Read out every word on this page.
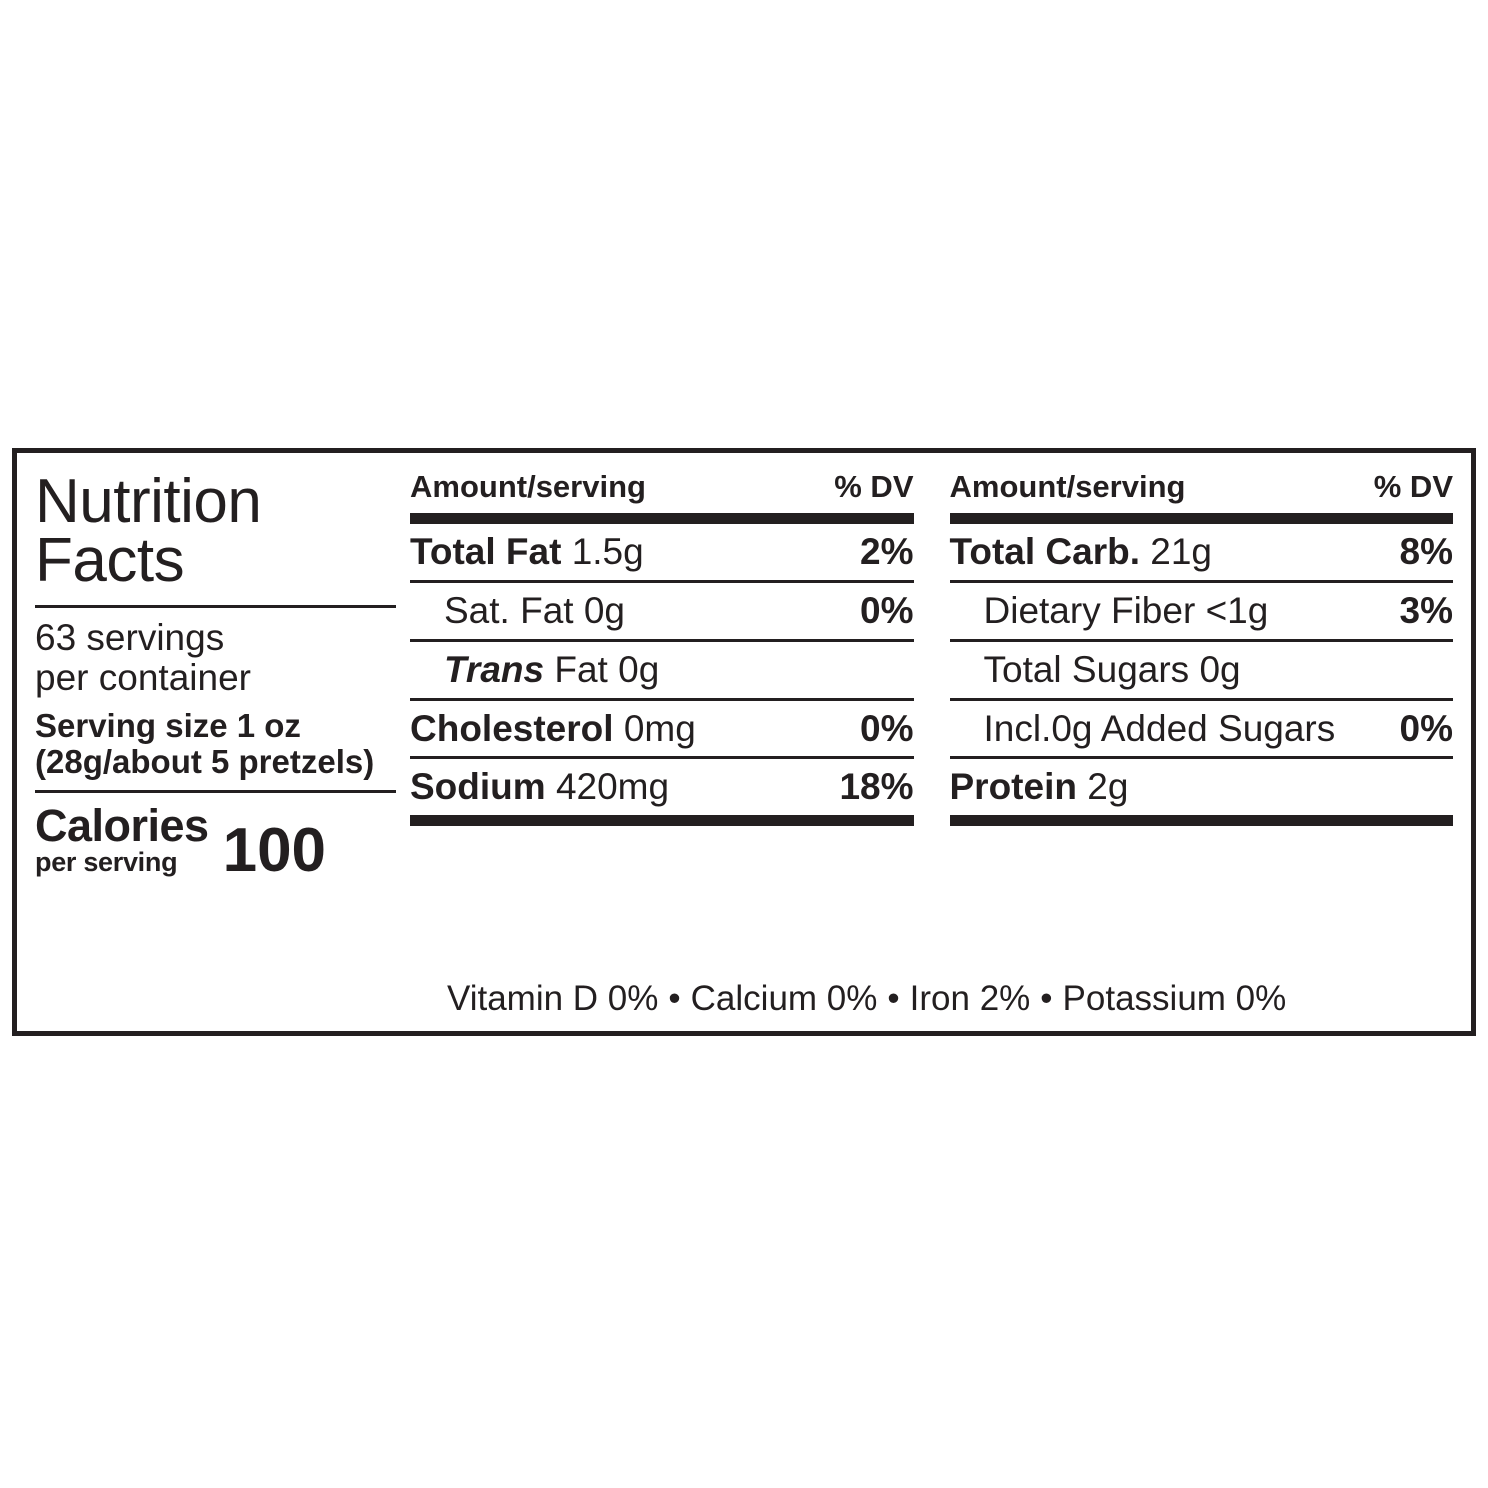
Nutrition
Facts
63 servings
per container
Serving size 1 oz
(28g/about 5 pretzels)
Calories
per serving 100
Amount/serving	% DV
Total Fat 1.5g	2%
Sat. Fat 0g	0%
Trans Fat 0g
Cholesterol 0mg	0%
Sodium 420mg	18%
Amount/serving	% DV
Total Carb. 21g	8%
Dietary Fiber <1g	3%
Total Sugars 0g
Incl.0g Added Sugars 0%
Protein 2g
Vitamin D 0% • Calcium 0% • Iron 2% • Potassium 0%
